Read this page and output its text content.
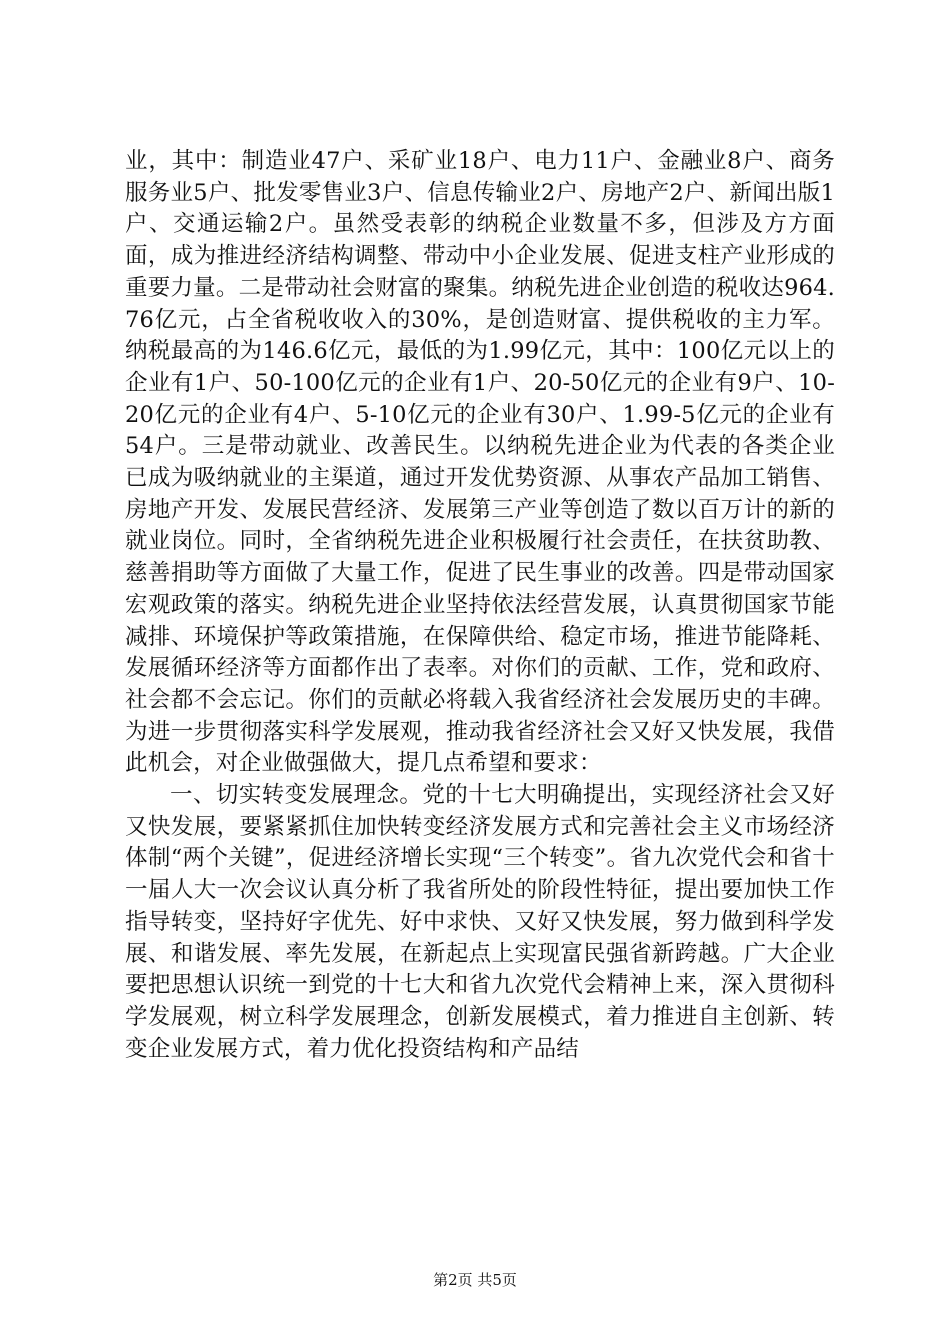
业，其中：制造业47户、采矿业18户、电力11户、金融业8户、商务服务业5户、批发零售业3户、信息传输业2户、房地产2户、新闻出版1户、交通运输2户。虽然受表彰的纳税企业数量不多，但涉及方方面面，成为推进经济结构调整、带动中小企业发展、促进支柱产业形成的重要力量。二是带动社会财富的聚集。纳税先进企业创造的税收达964.76亿元，占全省税收收入的30%，是创造财富、提供税收的主力军。纳税最高的为146.6亿元，最低的为1.99亿元，其中：100亿元以上的企业有1户、50-100亿元的企业有1户、20-50亿元的企业有9户、10-20亿元的企业有4户、5-10亿元的企业有30户、1.99-5亿元的企业有54户。三是带动就业、改善民生。以纳税先进企业为代表的各类企业已成为吸纳就业的主渠道，通过开发优势资源、从事农产品加工销售、房地产开发、发展民营经济、发展第三产业等创造了数以百万计的新的就业岗位。同时，全省纳税先进企业积极履行社会责任，在扶贫助教、慈善捐助等方面做了大量工作，促进了民生事业的改善。四是带动国家宏观政策的落实。纳税先进企业坚持依法经营发展，认真贯彻国家节能减排、环境保护等政策措施，在保障供给、稳定市场，推进节能降耗、发展循环经济等方面都作出了表率。对你们的贡献、工作，党和政府、社会都不会忘记。你们的贡献必将载入我省经济社会发展历史的丰碑。为进一步贯彻落实科学发展观，推动我省经济社会又好又快发展，我借此机会，对企业做强做大，提几点希望和要求：

一、切实转变发展理念。党的十七大明确提出，实现经济社会又好又快发展，要紧紧抓住加快转变经济发展方式和完善社会主义市场经济体制“两个关键”，促进经济增长实现“三个转变”。省九次党代会和省十一届人大一次会议认真分析了我省所处的阶段性特征，提出要加快工作指导转变，坚持好字优先、好中求快、又好又快发展，努力做到科学发展、和谐发展、率先发展，在新起点上实现富民强省新跨越。广大企业要把思想认识统一到党的十七大和省九次党代会精神上来，深入贯彻科学发展观，树立科学发展理念，创新发展模式，着力推进自主创新、转变企业发展方式，着力优化投资结构和产品结

第2页 共5页
